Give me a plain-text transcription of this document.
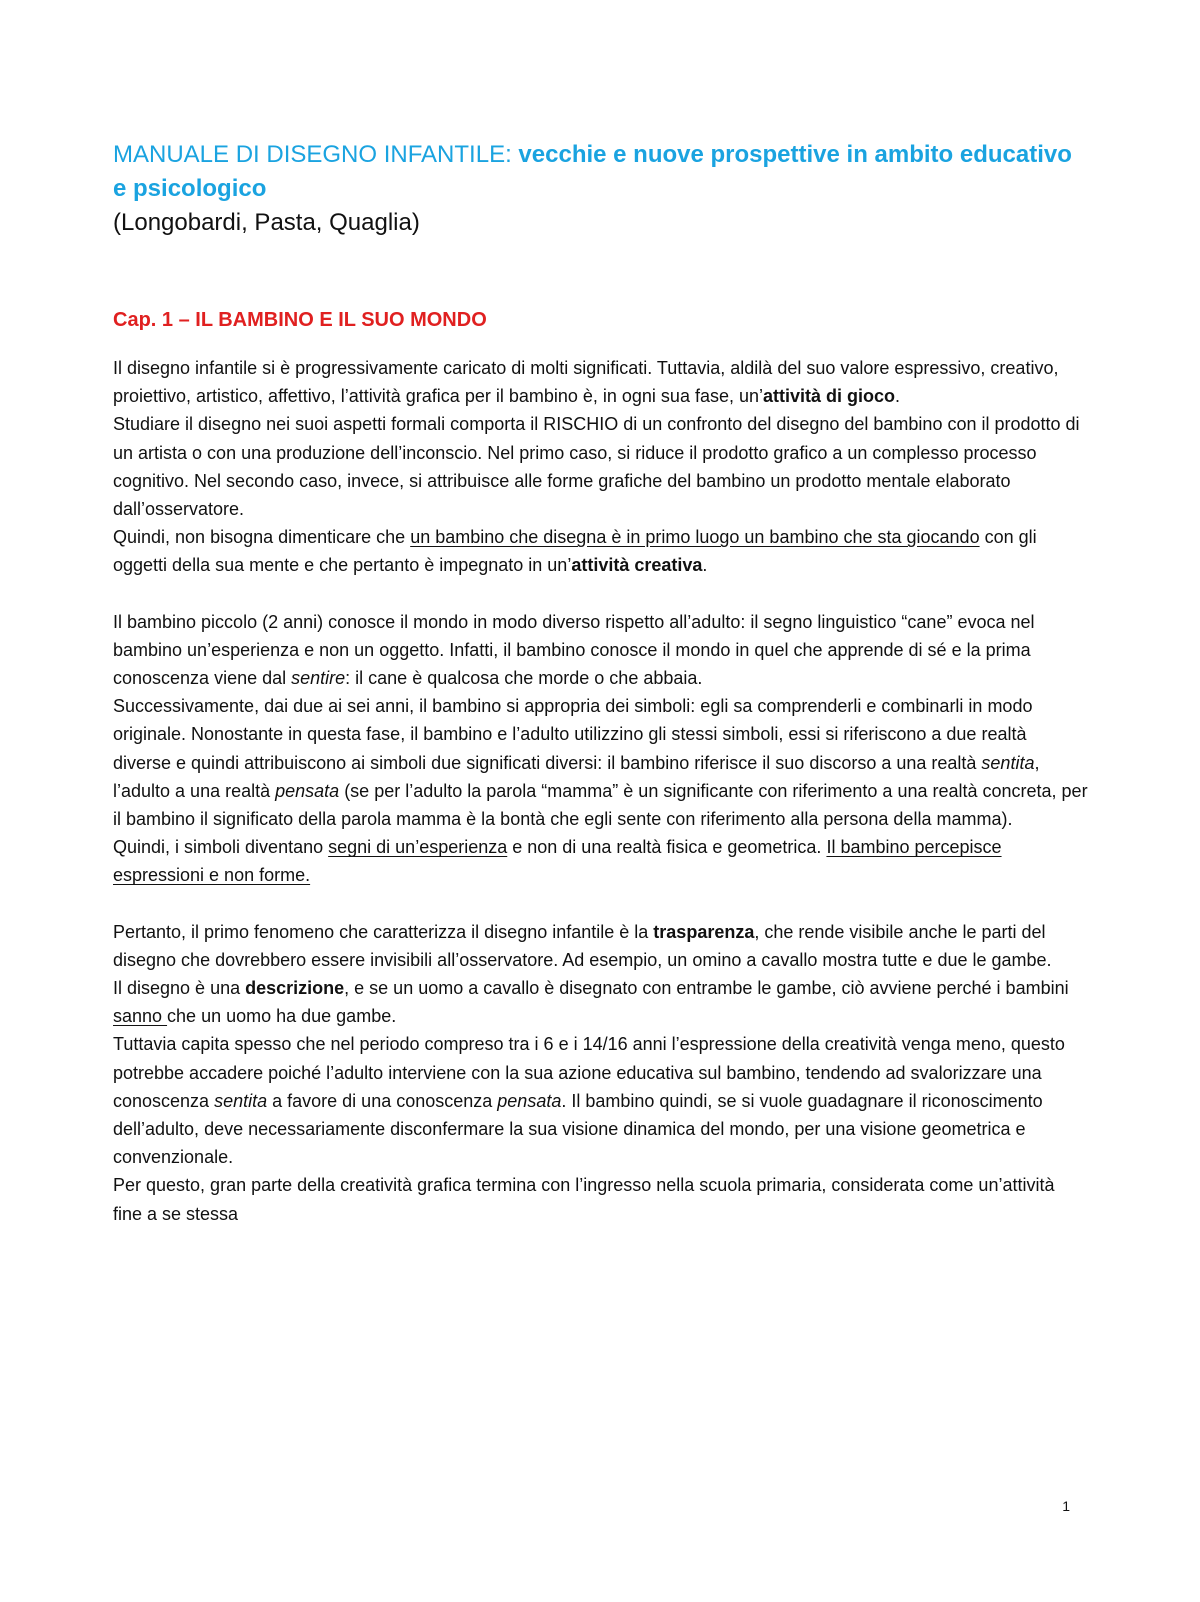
MANUALE DI DISEGNO INFANTILE: vecchie e nuove prospettive in ambito educativo e psicologico

(Longobardi, Pasta, Quaglia)

Cap. 1 – IL BAMBINO E IL SUO MONDO

Il disegno infantile si è progressivamente caricato di molti significati. Tuttavia, aldilà del suo valore espressivo, creativo, proiettivo, artistico, affettivo, l’attività grafica per il bambino è, in ogni sua fase, un’attività di gioco.

Studiare il disegno nei suoi aspetti formali comporta il RISCHIO di un confronto del disegno del bambino con il prodotto di un artista o con una produzione dell’inconscio. Nel primo caso, si riduce il prodotto grafico a un complesso processo cognitivo. Nel secondo caso, invece, si attribuisce alle forme grafiche del bambino un prodotto mentale elaborato dall’osservatore.

Quindi, non bisogna dimenticare che un bambino che disegna è in primo luogo un bambino che sta giocando con gli oggetti della sua mente e che pertanto è impegnato in un’attività creativa.

Il bambino piccolo (2 anni) conosce il mondo in modo diverso rispetto all’adulto: il segno linguistico “cane” evoca nel bambino un’esperienza e non un oggetto. Infatti, il bambino conosce il mondo in quel che apprende di sé e la prima conoscenza viene dal sentire: il cane è qualcosa che morde o che abbaia.

Successivamente, dai due ai sei anni, il bambino si appropria dei simboli: egli sa comprenderli e combinarli in modo originale. Nonostante in questa fase, il bambino e l’adulto utilizzino gli stessi simboli, essi si riferiscono a due realtà diverse e quindi attribuiscono ai simboli due significati diversi: il bambino riferisce il suo discorso a una realtà sentita, l’adulto a una realtà pensata (se per l’adulto la parola “mamma” è un significante con riferimento a una realtà concreta, per il bambino il significato della parola mamma è la bontà che egli sente con riferimento alla persona della mamma).

Quindi, i simboli diventano segni di un’esperienza e non di una realtà fisica e geometrica. Il bambino percepisce espressioni e non forme.

Pertanto, il primo fenomeno che caratterizza il disegno infantile è la trasparenza, che rende visibile anche le parti del disegno che dovrebbero essere invisibili all’osservatore. Ad esempio, un omino a cavallo mostra tutte e due le gambe.

Il disegno è una descrizione, e se un uomo a cavallo è disegnato con entrambe le gambe, ciò avviene perché i bambini sanno che un uomo ha due gambe.

Tuttavia capita spesso che nel periodo compreso tra i 6 e i 14/16 anni l’espressione della creatività venga meno, questo potrebbe accadere poiché l’adulto interviene con la sua azione educativa sul bambino, tendendo ad svalorizzare una conoscenza sentita a favore di una conoscenza pensata. Il bambino quindi, se si vuole guadagnare il riconoscimento dell’adulto, deve necessariamente disconfermare la sua visione dinamica del mondo, per una visione geometrica e convenzionale.

Per questo, gran parte della creatività grafica termina con l’ingresso nella scuola primaria, considerata come un’attività fine a se stessa

1
